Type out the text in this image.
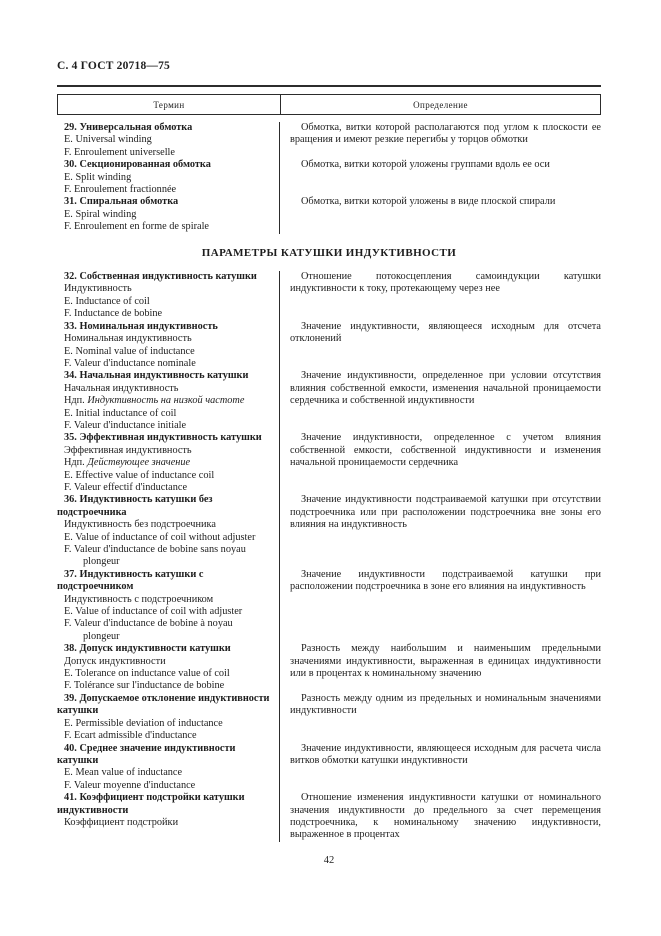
С. 4 ГОСТ 20718—75
Термин	Определение

29. Универсальная обмотка

E. Universal winding

F. Enroulement universelle

Обмотка, витки которой располагаются под углом к плоскости ее вращения и имеют резкие перегибы у торцов обмотки

30. Секционированная обмотка

E. Split winding

F. Enroulement fractionnée

Обмотка, витки которой уложены группами вдоль ее оси

31. Спиральная обмотка

E. Spiral winding

F. Enroulement en forme de spirale

Обмотка, витки которой уложены в виде плоской спирали

ПАРАМЕТРЫ КАТУШКИ ИНДУКТИВНОСТИ

32. Собственная индуктивность катушки

Индуктивность

E. Inductance of coil

F. Inductance de bobine

Отношение потокосцепления самоиндукции катушки индуктивности к току, протекающему через нее

33. Номинальная индуктивность

Номинальная индуктивность

E. Nominal value of inductance

F. Valeur d'inductance nominale

Значение индуктивности, являющееся исходным для отсчета отклонений

34. Начальная индуктивность катушки

Начальная индуктивность

Ндп. Индуктивность на низкой частоте

E. Initial inductance of coil

F. Valeur d'inductance initiale

Значение индуктивности, определенное при условии отсутствия влияния собственной емкости, изменения начальной проницаемости сердечника и собственной индуктивности

35. Эффективная индуктивность катушки

Эффективная индуктивность

Ндп. Действующее значение

E. Effective value of inductance coil

F. Valeur effectif d'inductance

Значение индуктивности, определенное с учетом влияния собственной емкости, собственной индуктивности и изменения начальной проницаемости сердечника

36. Индуктивность катушки без подстроечника

Индуктивность без подстроечника

E. Value of inductance of coil without adjuster

F. Valeur d'inductance de bobine sans noyau plongeur

Значение индуктивности подстраиваемой катушки при отсутствии подстроечника или при расположении подстроечника вне зоны его влияния на индуктивность

37. Индуктивность катушки с подстроечником

Индуктивность с подстроечником

E. Value of inductance of coil with adjuster

F. Valeur d'inductance de bobine à noyau plongeur

Значение индуктивности подстраиваемой катушки при расположении подстроечника в зоне его влияния на индуктивность

38. Допуск индуктивности катушки

Допуск индуктивности

E. Tolerance on inductance value of coil

F. Tolérance sur l'inductance de bobine

Разность между наибольшим и наименьшим предельными значениями индуктивности, выраженная в единицах индуктивности или в процентах к номинальному значению

39. Допускаемое отклонение индуктивности катушки

E. Permissible deviation of inductance

F. Ecart admissible d'inductance

Разность между одним из предельных и номинальным значениями индуктивности

40. Среднее значение индуктивности катушки

E. Mean value of inductance

F. Valeur moyenne d'inductance

Значение индуктивности, являющееся исходным для расчета числа витков обмотки катушки индуктивности

41. Коэффициент подстройки катушки индуктивности

Коэффициент подстройки

Отношение изменения индуктивности катушки от номинального значения индуктивности до предельного за счет перемещения подстроечника, к номинальному значению индуктивности, выраженное в процентах

42
